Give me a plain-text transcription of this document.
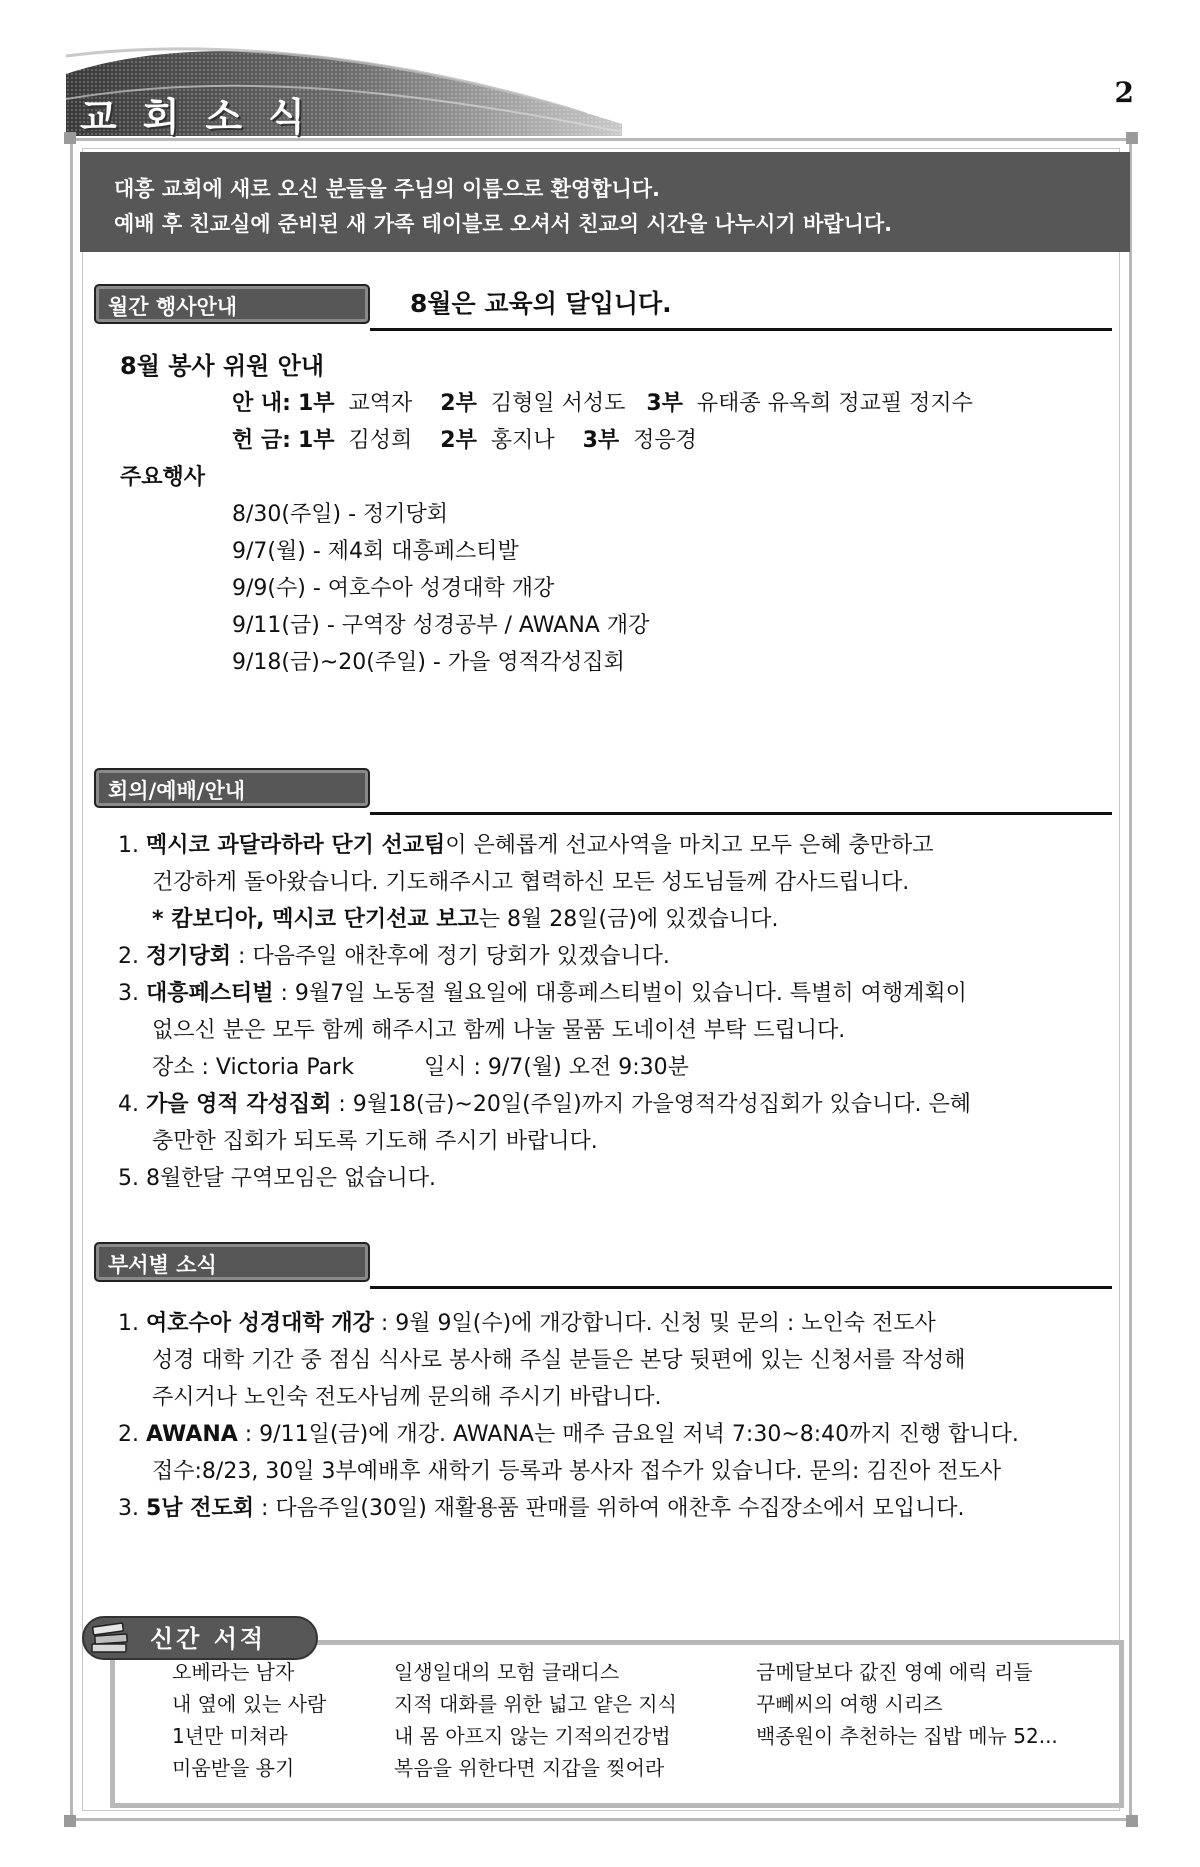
교회소식
2
대흥 교회에 새로 오신 분들을 주님의 이름으로 환영합니다.
예배 후 친교실에 준비된 새 가족 테이블로 오셔서 친교의 시간을 나누시기 바랍니다.
월간 행사안내	8월은 교육의 달입니다.
8월 봉사 위원 안내
안 내: 1부 교역자 2부 김형일 서성도 3부 유태종 유옥희 정교필 정지수
헌 금: 1부 김성희 2부 홍지나 3부 정응경
주요행사
8/30(주일) - 정기당회
9/7(월) - 제4회 대흥페스티발
9/9(수) - 여호수아 성경대학 개강
9/11(금) - 구역장 성경공부 / AWANA 개강
9/18(금)~20(주일) - 가을 영적각성집회
회의/예배/안내
1. 멕시코 과달라하라 단기 선교팀이 은혜롭게 선교사역을 마치고 모두 은혜 충만하고
건강하게 돌아왔습니다. 기도해주시고 협력하신 모든 성도님들께 감사드립니다.
* 캄보디아, 멕시코 단기선교 보고는 8월 28일(금)에 있겠습니다.
2. 정기당회 : 다음주일 애찬후에 정기 당회가 있겠습니다.
3. 대흥페스티벌 : 9월7일 노동절 월요일에 대흥페스티벌이 있습니다. 특별히 여행계획이
없으신 분은 모두 함께 해주시고 함께 나눌 물품 도네이션 부탁 드립니다.
장소 : Victoria Park	일시 : 9/7(월) 오전 9:30분
4. 가을 영적 각성집회 : 9월18(금)~20일(주일)까지 가을영적각성집회가 있습니다. 은혜
충만한 집회가 되도록 기도해 주시기 바랍니다.
5. 8월한달 구역모임은 없습니다.
부서별 소식
1. 여호수아 성경대학 개강 : 9월 9일(수)에 개강합니다. 신청 및 문의 : 노인숙 전도사
성경 대학 기간 중 점심 식사로 봉사해 주실 분들은 본당 뒷편에 있는 신청서를 작성해
주시거나 노인숙 전도사님께 문의해 주시기 바랍니다.
2. AWANA : 9/11일(금)에 개강. AWANA는 매주 금요일 저녁 7:30~8:40까지 진행 합니다.
접수:8/23, 30일 3부예배후 새학기 등록과 봉사자 접수가 있습니다. 문의: 김진아 전도사
3. 5남 전도회 : 다음주일(30일) 재활용품 판매를 위하여 애찬후 수집장소에서 모입니다.
신간 서적
오베라는 남자
내 옆에 있는 사람
1년만 미쳐라
미움받을 용기
일생일대의 모험 글래디스
지적 대화를 위한 넓고 얕은 지식
내 몸 아프지 않는 기적의건강법
복음을 위한다면 지갑을 찢어라
금메달보다 값진 영예 에릭 리들
꾸뻬씨의 여행 시리즈
백종원이 추천하는 집밥 메뉴 52...
